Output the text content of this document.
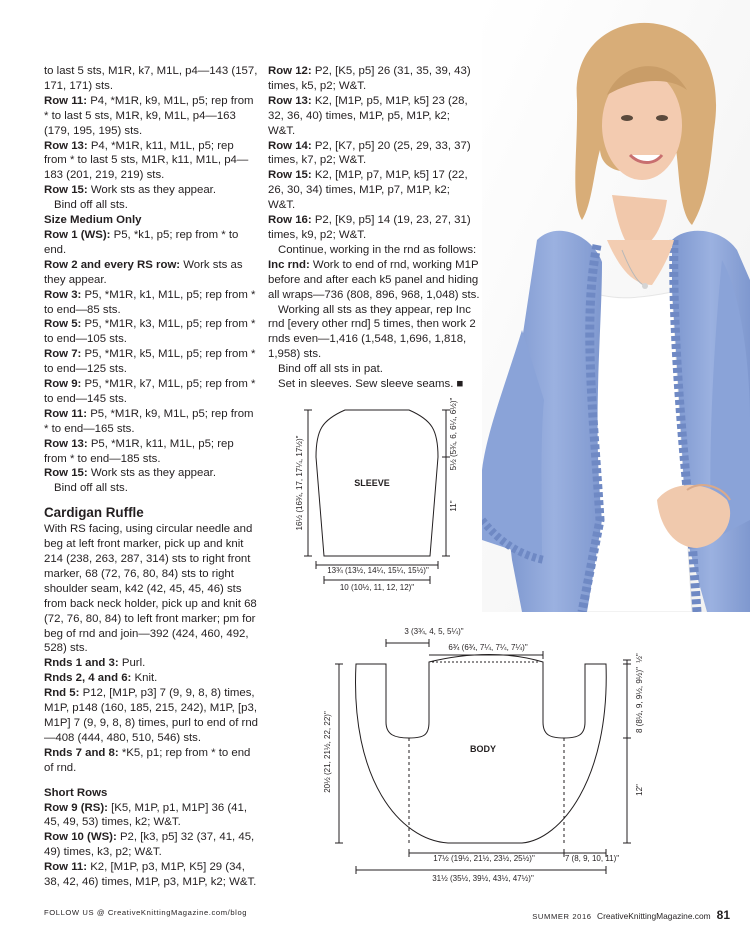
to last 5 sts, M1R, k7, M1L, p4—143 (157, 171, 171) sts.

Row 11: P4, *M1R, k9, M1L, p5; rep from * to last 5 sts, M1R, k9, M1L, p4—163 (179, 195, 195) sts.

Row 13: P4, *M1R, k11, M1L, p5; rep from * to last 5 sts, M1R, k11, M1L, p4—183 (201, 219, 219) sts.

Row 15: Work sts as they appear.

Bind off all sts.

Size Medium Only

Row 1 (WS): P5, *k1, p5; rep from * to end.

Row 2 and every RS row: Work sts as they appear.

Row 3: P5, *M1R, k1, M1L, p5; rep from * to end—85 sts.

Row 5: P5, *M1R, k3, M1L, p5; rep from * to end—105 sts.

Row 7: P5, *M1R, k5, M1L, p5; rep from * to end—125 sts.

Row 9: P5, *M1R, k7, M1L, p5; rep from * to end—145 sts.

Row 11: P5, *M1R, k9, M1L, p5; rep from * to end—165 sts.

Row 13: P5, *M1R, k11, M1L, p5; rep from * to end—185 sts.

Row 15: Work sts as they appear.

Bind off all sts.

Cardigan Ruffle

With RS facing, using circular needle and beg at left front marker, pick up and knit 214 (238, 263, 287, 314) sts to right front marker, 68 (72, 76, 80, 84) sts to right shoulder seam, k42 (42, 45, 45, 46) sts from back neck holder, pick up and knit 68 (72, 76, 80, 84) to left front marker; pm for beg of rnd and join—392 (424, 460, 492, 528) sts.

Rnds 1 and 3: Purl.

Rnds 2, 4 and 6: Knit.

Rnd 5: P12, [M1P, p3] 7 (9, 9, 8, 8) times, M1P, p148 (160, 185, 215, 242), M1P, [p3, M1P] 7 (9, 9, 8, 8) times, purl to end of rnd—408 (444, 480, 510, 546) sts.

Rnds 7 and 8: *K5, p1; rep from * to end of rnd.

Short Rows

Row 9 (RS): [K5, M1P, p1, M1P] 36 (41, 45, 49, 53) times, k2; W&T.

Row 10 (WS): P2, [k3, p5] 32 (37, 41, 45, 49) times, k3, p2; W&T.

Row 11: K2, [M1P, p3, M1P, K5] 29 (34, 38, 42, 46) times, M1P, p3, M1P, k2; W&T.

Row 12: P2, [K5, p5] 26 (31, 35, 39, 43) times, k5, p2; W&T.

Row 13: K2, [M1P, p5, M1P, k5] 23 (28, 32, 36, 40) times, M1P, p5, M1P, k2; W&T.

Row 14: P2, [K7, p5] 20 (25, 29, 33, 37) times, k7, p2; W&T.

Row 15: K2, [M1P, p7, M1P, k5] 17 (22, 26, 30, 34) times, M1P, p7, M1P, k2; W&T.

Row 16: P2, [K9, p5] 14 (19, 23, 27, 31) times, k9, p2; W&T.

Continue, working in the rnd as follows:

Inc rnd: Work to end of rnd, working M1P before and after each k5 panel and hiding all wraps—736 (808, 896, 968, 1,048) sts.

Working all sts as they appear, rep Inc rnd [every other rnd] 5 times, then work 2 rnds even—1,416 (1,548, 1,696, 1,818, 1,958) sts.

Bind off all sts in pat.

Set in sleeves. Sew sleeve seams. ■

SLEEVE
16½ (16¾, 17, 17¼, 17½)"
5½ (5¾, 6, 6¼, 6½)"
11"
13¾ (13½, 14¼, 15¼, 15½)"
10 (10½, 11, 12, 12)"
BODY
3 (3¾, 4, 5, 5¼)"
6¾ (6¾, 7¼, 7¼, 7¼)"
20½ (21, 21½, 22, 22)"
8 (8½, 9, 9½, 9½)"
½"
12"
17½ (19½, 21½, 23½, 25½)"	7 (8, 9, 10, 11)"
31½ (35½, 39½, 43½, 47½)"
FOLLOW US @ CreativeKnittingMagazine.com/blog	SUMMER 2016 CreativeKnittingMagazine.com 81
